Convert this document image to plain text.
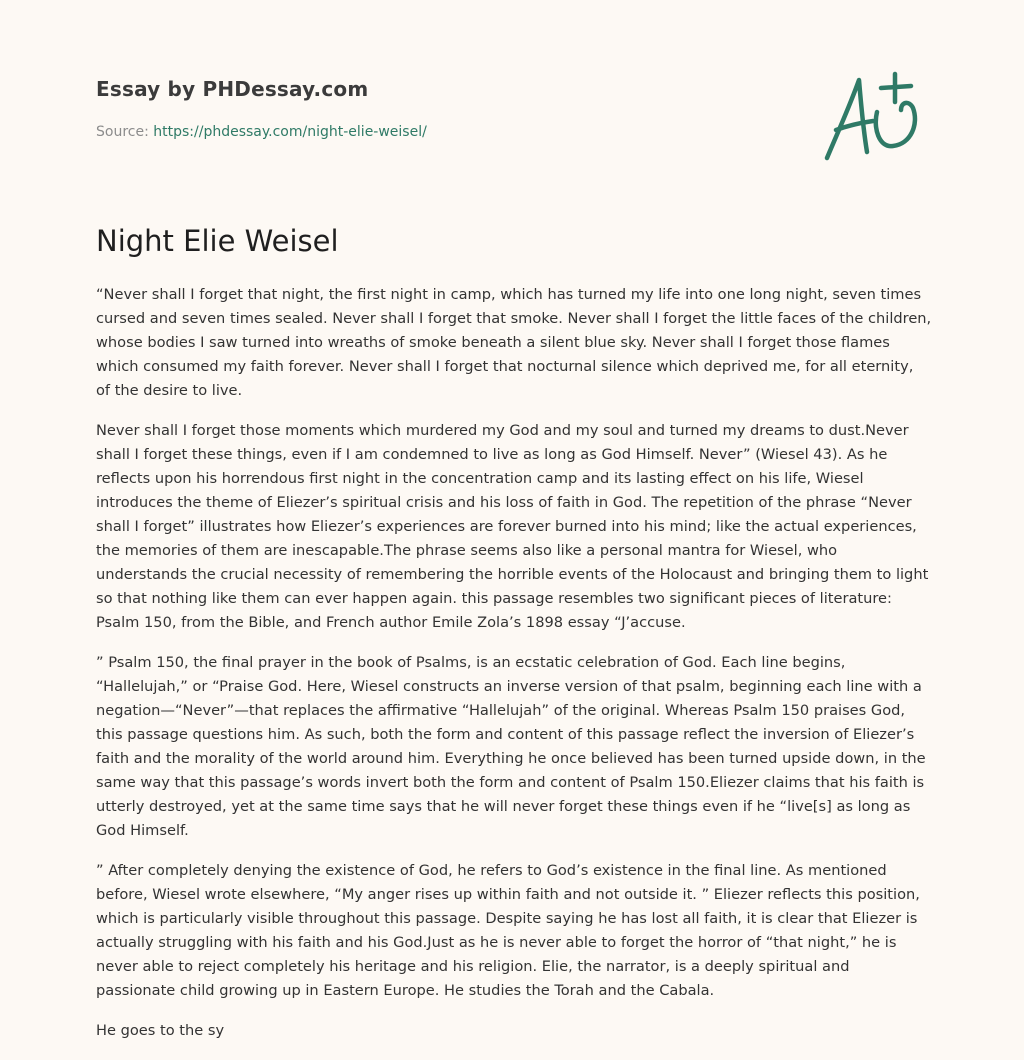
Essay by PHDessay.com
Source: https://phdessay.com/night-elie-weisel/
Night Elie Weisel

“Never shall I forget that night, the first night in camp, which has turned my life into one long night, seven times cursed and seven times sealed. Never shall I forget that smoke. Never shall I forget the little faces of the children, whose bodies I saw turned into wreaths of smoke beneath a silent blue sky. Never shall I forget those flames which consumed my faith forever. Never shall I forget that nocturnal silence which deprived me, for all eternity, of the desire to live.

Never shall I forget those moments which murdered my God and my soul and turned my dreams to dust.Never shall I forget these things, even if I am condemned to live as long as God Himself. Never” (Wiesel 43). As he reflects upon his horrendous first night in the concentration camp and its lasting effect on his life, Wiesel introduces the theme of Eliezer’s spiritual crisis and his loss of faith in God. The repetition of the phrase “Never shall I forget” illustrates how Eliezer’s experiences are forever burned into his mind; like the actual experiences, the memories of them are inescapable.The phrase seems also like a personal mantra for Wiesel, who understands the crucial necessity of remembering the horrible events of the Holocaust and bringing them to light so that nothing like them can ever happen again. this passage resembles two significant pieces of literature: Psalm 150, from the Bible, and French author Emile Zola’s 1898 essay “J’accuse.

” Psalm 150, the final prayer in the book of Psalms, is an ecstatic celebration of God. Each line begins, “Hallelujah,” or “Praise God. Here, Wiesel constructs an inverse version of that psalm, beginning each line with a negation—“Never”—that replaces the affirmative “Hallelujah” of the original. Whereas Psalm 150 praises God, this passage questions him. As such, both the form and content of this passage reflect the inversion of Eliezer’s faith and the morality of the world around him. Everything he once believed has been turned upside down, in the same way that this passage’s words invert both the form and content of Psalm 150.Eliezer claims that his faith is utterly destroyed, yet at the same time says that he will never forget these things even if he “live[s] as long as God Himself.

” After completely denying the existence of God, he refers to God’s existence in the final line. As mentioned before, Wiesel wrote elsewhere, “My anger rises up within faith and not outside it. ” Eliezer reflects this position, which is particularly visible throughout this passage. Despite saying he has lost all faith, it is clear that Eliezer is actually struggling with his faith and his God.Just as he is never able to forget the horror of “that night,” he is never able to reject completely his heritage and his religion. Elie, the narrator, is a deeply spiritual and passionate child growing up in Eastern Europe. He studies the Torah and the Cabala.

He goes to the sy
